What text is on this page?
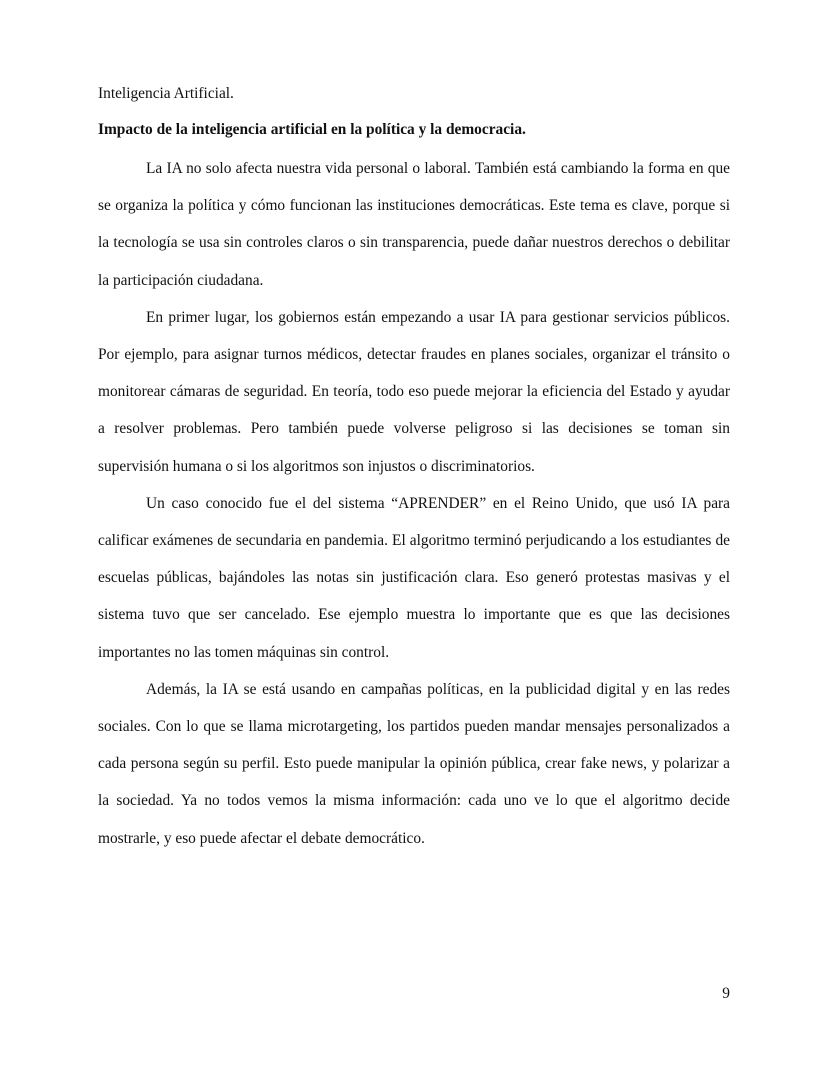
Inteligencia Artificial.

Impacto de la inteligencia artificial en la política y la democracia.

La IA no solo afecta nuestra vida personal o laboral. También está cambiando la forma en que se organiza la política y cómo funcionan las instituciones democráticas. Este tema es clave, porque si la tecnología se usa sin controles claros o sin transparencia, puede dañar nuestros derechos o debilitar la participación ciudadana.

En primer lugar, los gobiernos están empezando a usar IA para gestionar servicios públicos. Por ejemplo, para asignar turnos médicos, detectar fraudes en planes sociales, organizar el tránsito o monitorear cámaras de seguridad. En teoría, todo eso puede mejorar la eficiencia del Estado y ayudar a resolver problemas. Pero también puede volverse peligroso si las decisiones se toman sin supervisión humana o si los algoritmos son injustos o discriminatorios.

Un caso conocido fue el del sistema “APRENDER” en el Reino Unido, que usó IA para calificar exámenes de secundaria en pandemia. El algoritmo terminó perjudicando a los estudiantes de escuelas públicas, bajándoles las notas sin justificación clara. Eso generó protestas masivas y el sistema tuvo que ser cancelado. Ese ejemplo muestra lo importante que es que las decisiones importantes no las tomen máquinas sin control.

Además, la IA se está usando en campañas políticas, en la publicidad digital y en las redes sociales. Con lo que se llama microtargeting, los partidos pueden mandar mensajes personalizados a cada persona según su perfil. Esto puede manipular la opinión pública, crear fake news, y polarizar a la sociedad. Ya no todos vemos la misma información: cada uno ve lo que el algoritmo decide mostrarle, y eso puede afectar el debate democrático.

9
